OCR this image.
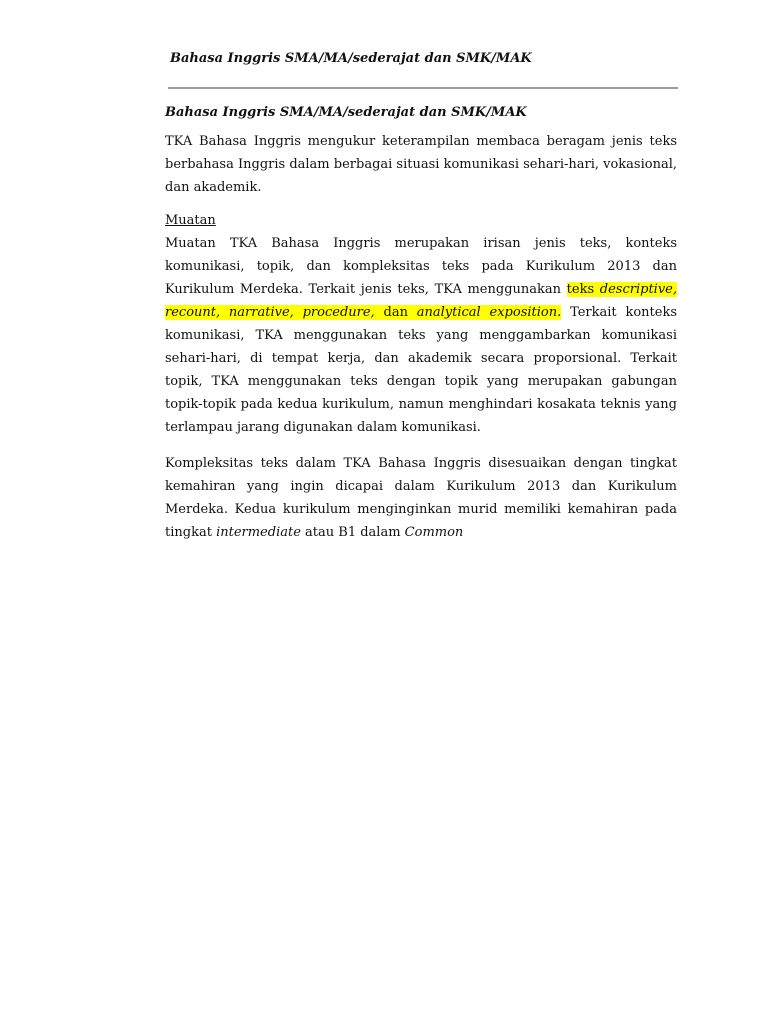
Bahasa Inggris SMA/MA/sederajat dan SMK/MAK
Bahasa Inggris SMA/MA/sederajat dan SMK/MAK

TKA Bahasa Inggris mengukur keterampilan membaca beragam jenis teks berbahasa Inggris dalam berbagai situasi komunikasi sehari-hari, vokasional, dan akademik.

Muatan

Muatan TKA Bahasa Inggris merupakan irisan jenis teks, konteks komunikasi, topik, dan kompleksitas teks pada Kurikulum 2013 dan Kurikulum Merdeka. Terkait jenis teks, TKA menggunakan teks descriptive, recount, narrative, procedure, dan analytical exposition. Terkait konteks komunikasi, TKA menggunakan teks yang menggambarkan komunikasi sehari-hari, di tempat kerja, dan akademik secara proporsional. Terkait topik, TKA menggunakan teks dengan topik yang merupakan gabungan topik-topik pada kedua kurikulum, namun menghindari kosakata teknis yang terlampau jarang digunakan dalam komunikasi.

Kompleksitas teks dalam TKA Bahasa Inggris disesuaikan dengan tingkat kemahiran yang ingin dicapai dalam Kurikulum 2013 dan Kurikulum Merdeka. Kedua kurikulum menginginkan murid memiliki kemahiran pada tingkat intermediate atau B1 dalam Common
